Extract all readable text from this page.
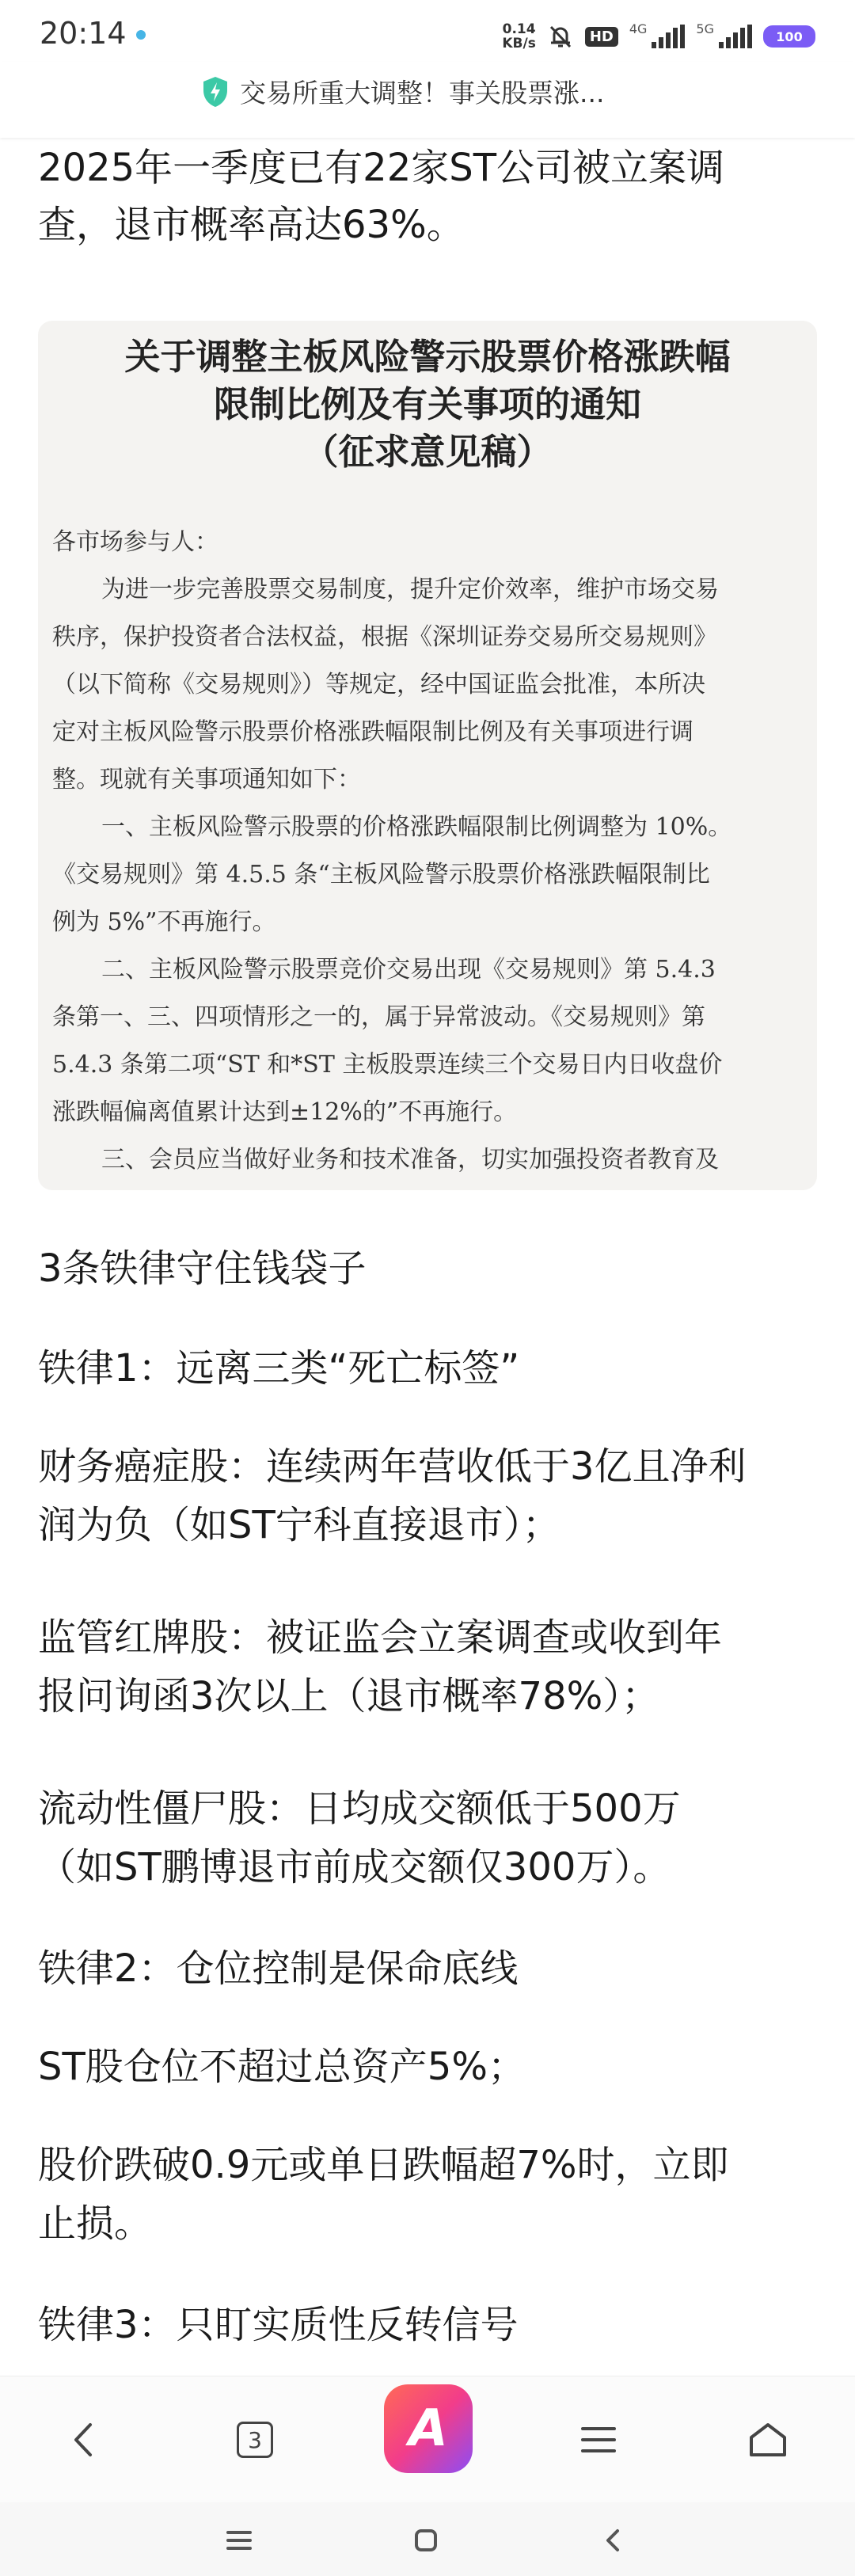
20:14	0.14
KB/s	HD	4G	5G
100
交易所重大调整！事关股票涨...

2025年一季度已有22家ST公司被立案调

查，退市概率高达63%。

关于调整主板风险警示股票价格涨跌幅
限制比例及有关事项的通知
（征求意见稿）
各市场参与人：
为进一步完善股票交易制度，提升定价效率，维护市场交易
秩序，保护投资者合法权益，根据《深圳证券交易所交易规则》
（以下简称《交易规则》）等规定，经中国证监会批准，本所决
定对主板风险警示股票价格涨跌幅限制比例及有关事项进行调
整。现就有关事项通知如下：
一、主板风险警示股票的价格涨跌幅限制比例调整为 10%。
《交易规则》第 4.5.5 条“主板风险警示股票价格涨跌幅限制比
例为 5%”不再施行。
二、主板风险警示股票竞价交易出现《交易规则》第 5.4.3
条第一、三、四项情形之一的，属于异常波动。《交易规则》第
5.4.3 条第二项“ST 和*ST 主板股票连续三个交易日内日收盘价
涨跌幅偏离值累计达到±12%的”不再施行。
三、会员应当做好业务和技术准备，切实加强投资者教育及

3条铁律守住钱袋子

铁律1：远离三类“死亡标签”

财务癌症股：连续两年营收低于3亿且净利

润为负（如ST宁科直接退市）；

监管红牌股：被证监会立案调查或收到年

报问询函3次以上（退市概率78%）；

流动性僵尸股：日均成交额低于500万

（如ST鹏博退市前成交额仅300万）。

铁律2：仓位控制是保命底线

ST股仓位不超过总资产5%；

股价跌破0.9元或单日跌幅超7%时，立即

止损。

铁律3：只盯实质性反转信号

3	A
